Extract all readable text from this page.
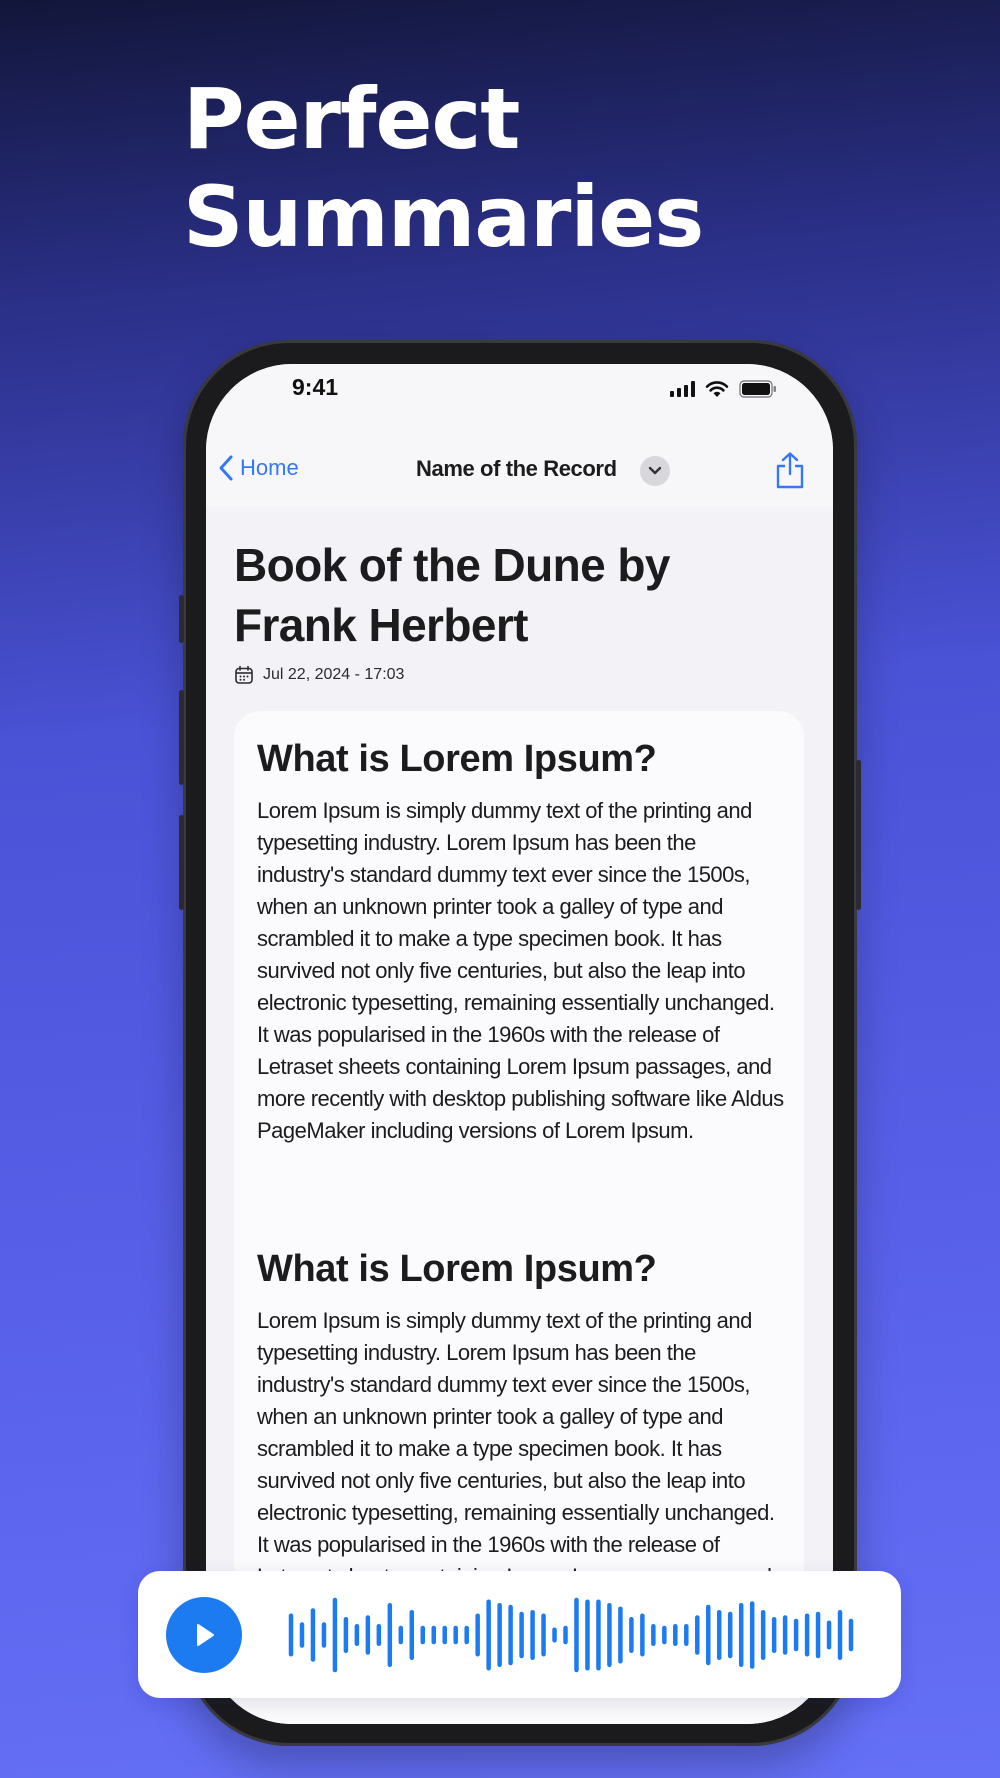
Perfect
Summaries
9:41
Home	Name of the Record
Book of the Dune by Frank Herbert
Jul 22, 2024 - 17:03
What is Lorem Ipsum?

Lorem Ipsum is simply dummy text of the printing and typesetting industry. Lorem Ipsum has been the industry's standard dummy text ever since the 1500s, when an unknown printer took a galley of type and scrambled it to make a type specimen book. It has survived not only five centuries, but also the leap into electronic typesetting, remaining essentially unchanged. It was popularised in the 1960s with the release of Letraset sheets containing Lorem Ipsum passages, and more recently with desktop publishing software like Aldus PageMaker including versions of Lorem Ipsum.

What is Lorem Ipsum?

Lorem Ipsum is simply dummy text of the printing and typesetting industry. Lorem Ipsum has been the industry's standard dummy text ever since the 1500s, when an unknown printer took a galley of type and scrambled it to make a type specimen book. It has survived not only five centuries, but also the leap into electronic typesetting, remaining essentially unchanged. It was popularised in the 1960s with the release of
